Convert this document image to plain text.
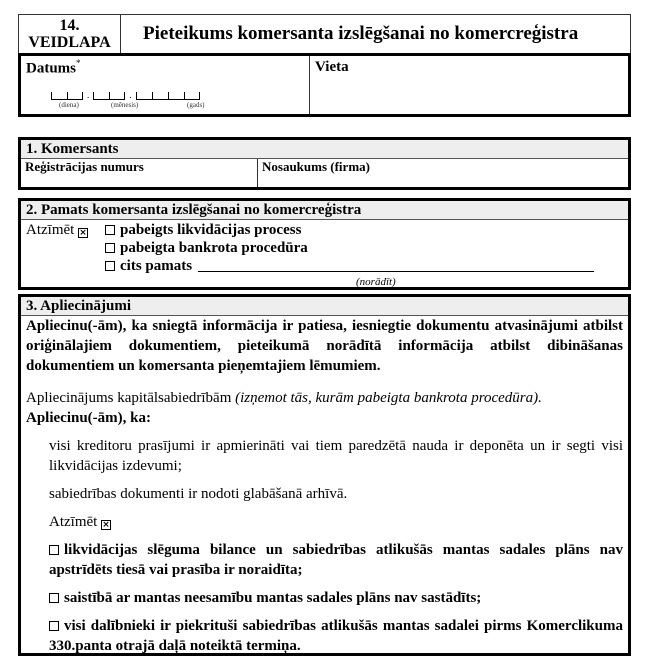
14.
VEIDLAPA	Pieteikums komersanta izslēgšanai no komercreģistra
Datums*
.	.
(diena)	(mēnesis)	(gads)
Vieta
1. Komersants
Reģistrācijas numurs	Nosaukums (firma)
2. Pamats komersanta izslēgšanai no komercreģistra
Atzīmēt ×	pabeigts likvidācijas process
pabeigta bankrota procedūra
cits pamats
(norādīt)
3. Apliecinājumi

Apliecinu(-ām), ka sniegtā informācija ir patiesa, iesniegtie dokumentu atvasinājumi atbilst oriģinālajiem dokumentiem, pieteikumā norādītā informācija atbilst dibināšanas dokumentiem un komersanta pieņemtajiem lēmumiem.

Apliecinājums kapitālsabiedrībām (izņemot tās, kurām pabeigta bankrota procedūra).
Apliecinu(-ām), ka:

visi kreditoru prasījumi ir apmierināti vai tiem paredzētā nauda ir deponēta un ir segti visi likvidācijas izdevumi;

sabiedrības dokumenti ir nodoti glabāšanā arhīvā.

Atzīmēt ×

likvidācijas slēguma bilance un sabiedrības atlikušās mantas sadales plāns nav apstrīdēts tiesā vai prasība ir noraidīta;

saistībā ar mantas neesamību mantas sadales plāns nav sastādīts;

visi dalībnieki ir piekrituši sabiedrības atlikušās mantas sadalei pirms Komerclikuma 330.panta otrajā daļā noteiktā termiņa.
